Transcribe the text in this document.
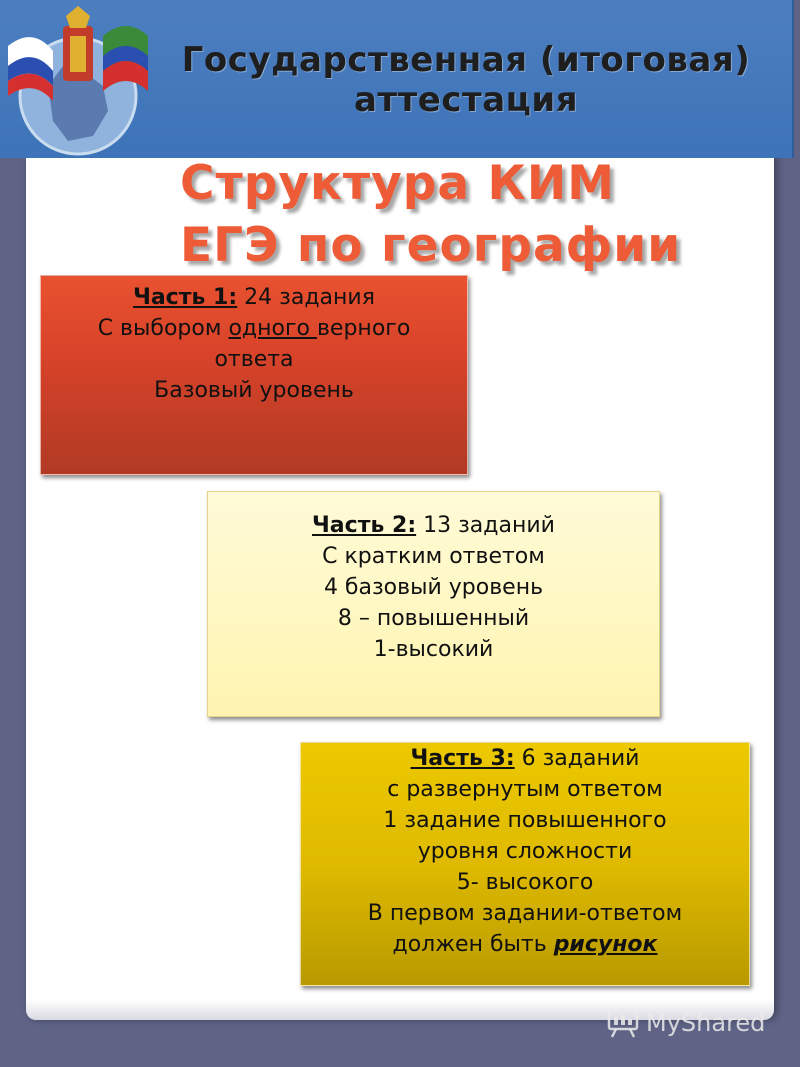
Государственная (итоговая)
аттестация
Структура КИМ
ЕГЭ по географии
Часть 1: 24 задания
С выбором одного верного
ответа
Базовый уровень
Часть 2: 13 заданий
С кратким ответом
4 базовый уровень
8 – повышенный
1-высокий
Часть 3: 6 заданий
с развернутым ответом
1 задание повышенного
уровня сложности
5- высокого
В первом задании-ответом
должен быть рисунок
MyShared
